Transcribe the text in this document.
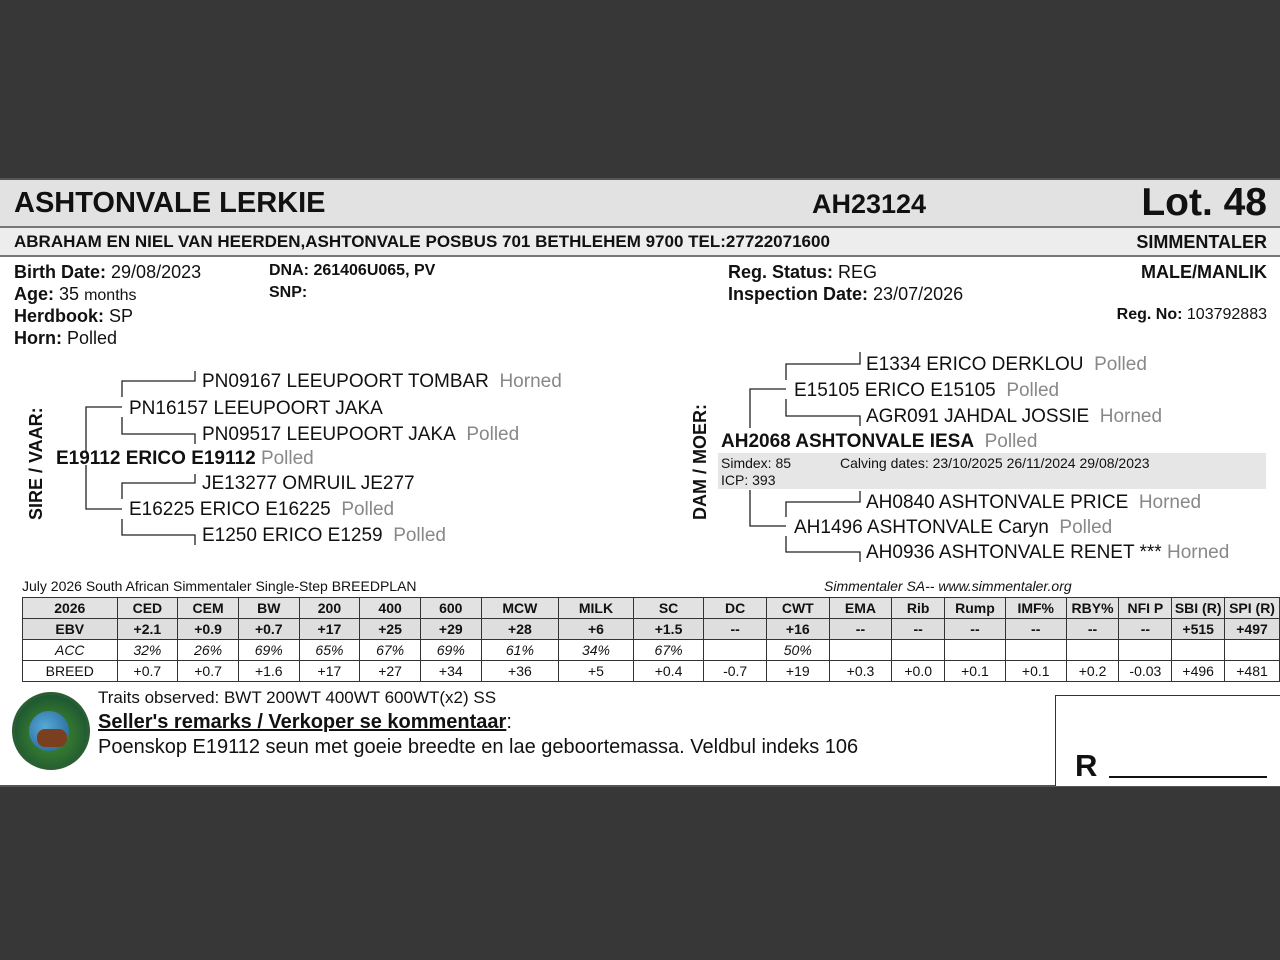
ASHTONVALE LERKIE	AH23124	Lot. 48
ABRAHAM EN NIEL VAN HEERDEN,ASHTONVALE POSBUS 701 BETHLEHEM 9700 TEL:27722071600	SIMMENTALER
Birth Date: 29/08/2023
Age: 35 months
Herdbook: SP
Horn: Polled
DNA: 261406U065, PV
SNP:
Reg. Status: REG
Inspection Date: 23/07/2026
MALE/MANLIK
Reg. No: 103792883
SIRE / VAAR:
PN09167 LEEUPOORT TOMBAR Horned
PN16157 LEEUPOORT JAKA
PN09517 LEEUPOORT JAKA Polled
E19112 ERICO E19112 Polled
JE13277 OMRUIL JE277
E16225 ERICO E16225 Polled
E1250 ERICO E1259 Polled
DAM / MOER:
E1334 ERICO DERKLOU Polled
E15105 ERICO E15105 Polled
AGR091 JAHDAL JOSSIE Horned
AH2068 ASHTONVALE IESA Polled
Simdex: 85
ICP: 393
Calving dates: 23/10/2025 26/11/2024 29/08/2023
AH0840 ASHTONVALE PRICE Horned
AH1496 ASHTONVALE Caryn Polled
AH0936 ASHTONVALE RENET *** Horned
July 2026 South African Simmentaler Single-Step BREEDPLAN	Simmentaler SA-- www.simmentaler.org
2026	CED	CEM	BW	200	400	600	MCW	MILK	SC	DC	CWT	EMA	Rib	Rump	IMF%	RBY%	NFI P	SBI (R)	SPI (R)
EBV	+2.1	+0.9	+0.7	+17	+25	+29	+28	+6	+1.5	--	+16	--	--	--	--	--	--	+515	+497
ACC	32%	26%	69%	65%	67%	69%	61%	34%	67%		50%								
BREED	+0.7	+0.7	+1.6	+17	+27	+34	+36	+5	+0.4	-0.7	+19	+0.3	+0.0	+0.1	+0.1	+0.2	-0.03	+496	+481
Traits observed: BWT 200WT 400WT 600WT(x2) SS
Seller's remarks / Verkoper se kommentaar:
Poenskop E19112 seun met goeie breedte en lae geboortemassa. Veldbul indeks 106
R
